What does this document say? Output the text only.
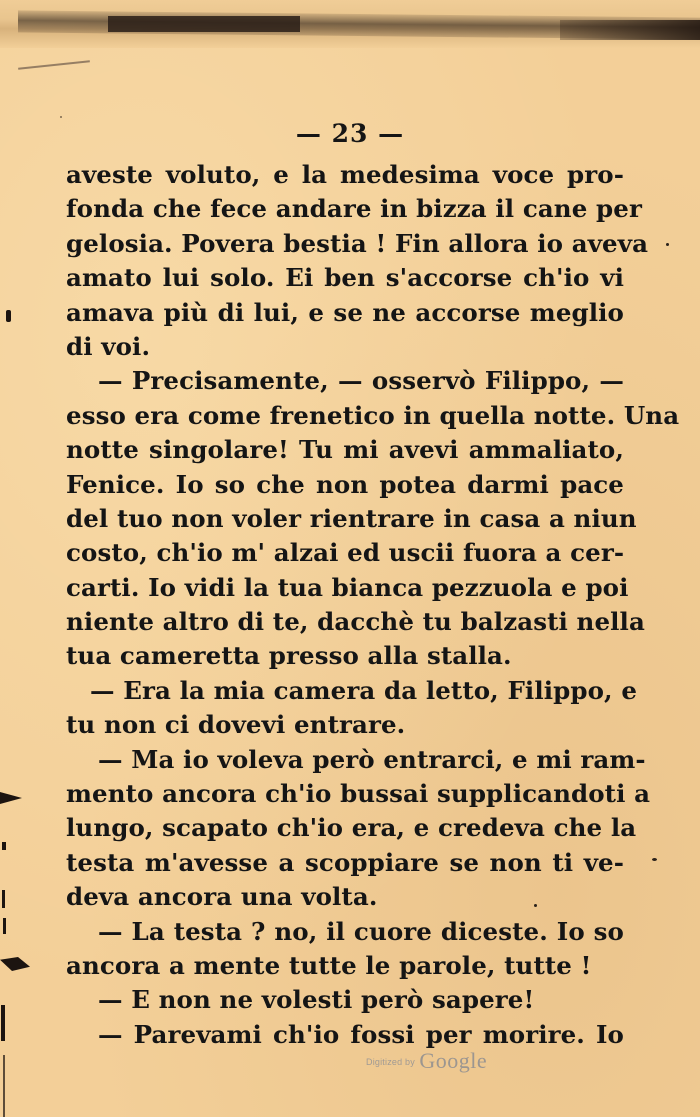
— 23 —
aveste voluto, e la medesima voce pro-
fonda che fece andare in bizza il cane per
gelosia. Povera bestia ! Fin allora io aveva
amato lui solo. Ei ben s'accorse ch'io vi
amava più di lui, e se ne accorse meglio
di voi.
— Precisamente, — osservò Filippo, —
esso era come frenetico in quella notte. Una
notte singolare! Tu mi avevi ammaliato,
Fenice. Io so che non potea darmi pace
del tuo non voler rientrare in casa a niun
costo, ch'io m' alzai ed uscii fuora a cer-
carti. Io vidi la tua bianca pezzuola e poi
niente altro di te, dacchè tu balzasti nella
tua cameretta presso alla stalla.
— Era la mia camera da letto, Filippo, e
tu non ci dovevi entrare.
— Ma io voleva però entrarci, e mi ram-
mento ancora ch'io bussai supplicandoti a
lungo, scapato ch'io era, e credeva che la
testa m'avesse a scoppiare se non ti ve-
deva ancora una volta.
— La testa ? no, il cuore diceste. Io so
ancora a mente tutte le parole, tutte !
— E non ne volesti però sapere!
— Parevami ch'io fossi per morire. Io
Digitized by Google
